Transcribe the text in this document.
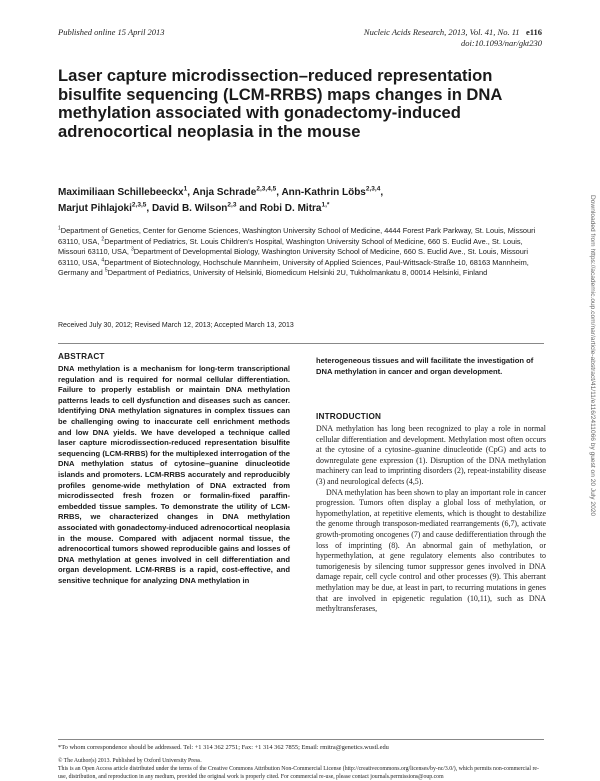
Published online 15 April 2013	Nucleic Acids Research, 2013, Vol. 41, No. 11 e116
doi:10.1093/nar/gkt230
Laser capture microdissection–reduced representation bisulfite sequencing (LCM-RRBS) maps changes in DNA methylation associated with gonadectomy-induced adrenocortical neoplasia in the mouse
Maximiliaan Schillebeeckx$^1$, Anja Schrade$^{2,3,4,5}$, Ann-Kathrin Löbs$^{2,3,4}$,
Marjut Pihlajoki$^{2,3,5}$, David B. Wilson$^{2,3}$ and Robi D. Mitra$^{1,*}$
$^1$Department of Genetics, Center for Genome Sciences, Washington University School of Medicine, 4444 Forest Park Parkway, St. Louis, Missouri 63110, USA, $^2$Department of Pediatrics, St. Louis Children’s Hospital, Washington University School of Medicine, 660 S. Euclid Ave., St. Louis, Missouri 63110, USA, $^3$Department of Developmental Biology, Washington University School of Medicine, 660 S. Euclid Ave., St. Louis, Missouri 63110, USA, $^4$Department of Biotechnology, Hochschule Mannheim, University of Applied Sciences, Paul-Wittsack-Straße 10, 68163 Mannheim, Germany and $^5$Department of Pediatrics, University of Helsinki, Biomedicum Helsinki 2U, Tukholmankatu 8, 00014 Helsinki, Finland
Received July 30, 2012; Revised March 12, 2013; Accepted March 13, 2013
ABSTRACT
DNA methylation is a mechanism for long-term transcriptional regulation and is required for normal cellular differentiation. Failure to properly establish or maintain DNA methylation patterns leads to cell dysfunction and diseases such as cancer. Identifying DNA methylation signatures in complex tissues can be challenging owing to inaccurate cell enrichment methods and low DNA yields. We have developed a technique called laser capture microdissection-reduced representation bisulfite sequencing (LCM-RRBS) for the multiplexed interrogation of the DNA methylation status of cytosine–guanine dinucleotide islands and promoters. LCM-RRBS accurately and reproducibly profiles genome-wide methylation of DNA extracted from microdissected fresh frozen or formalin-fixed paraffin-embedded tissue samples. To demonstrate the utility of LCM-RRBS, we characterized changes in DNA methylation associated with gonadectomy-induced adrenocortical neoplasia in the mouse. Compared with adjacent normal tissue, the adrenocortical tumors showed reproducible gains and losses of DNA methylation at genes involved in cell differentiation and organ development. LCM-RRBS is a rapid, cost-effective, and sensitive technique for analyzing DNA methylation in
heterogeneous tissues and will facilitate the investigation of DNA methylation in cancer and organ development.
INTRODUCTION

DNA methylation has long been recognized to play a role in normal cellular differentiation and development. Methylation most often occurs at the cytosine of a cytosine–guanine dinucleotide (CpG) and acts to downregulate gene expression (1). Disruption of the DNA methylation machinery can lead to imprinting disorders (2), repeat-instability disease (3) and neurological defects (4,5).

DNA methylation has been shown to play an important role in cancer progression. Tumors often display a global loss of methylation, or hypomethylation, at repetitive elements, which is thought to destabilize the genome through transposon-mediated rearrangements (6,7), activate growth-promoting oncogenes (7) and cause dedifferentiation through the loss of imprinting (8). An abnormal gain of methylation, or hypermethylation, at gene regulatory elements also contributes to tumorigenesis by silencing tumor suppressor genes involved in DNA damage repair, cell cycle control and other processes (9). This aberrant methylation may be due, at least in part, to recurring mutations in genes that are involved in epigenetic regulation (10,11), such as DNA methyltransferases,

*To whom correspondence should be addressed. Tel: +1 314 362 2751; Fax: +1 314 362 7855; Email: rmitra@genetics.wustl.edu
© The Author(s) 2013. Published by Oxford University Press.
This is an Open Access article distributed under the terms of the Creative Commons Attribution Non-Commercial License (http://creativecommons.org/licenses/by-nc/3.0/), which permits non-commercial re-use, distribution, and reproduction in any medium, provided the original work is properly cited. For commercial re-use, please contact journals.permissions@oup.com
Downloaded from https://academic.oup.com/nar/article-abstract/41/11/e116/2411066 by guest on 20 July 2020
